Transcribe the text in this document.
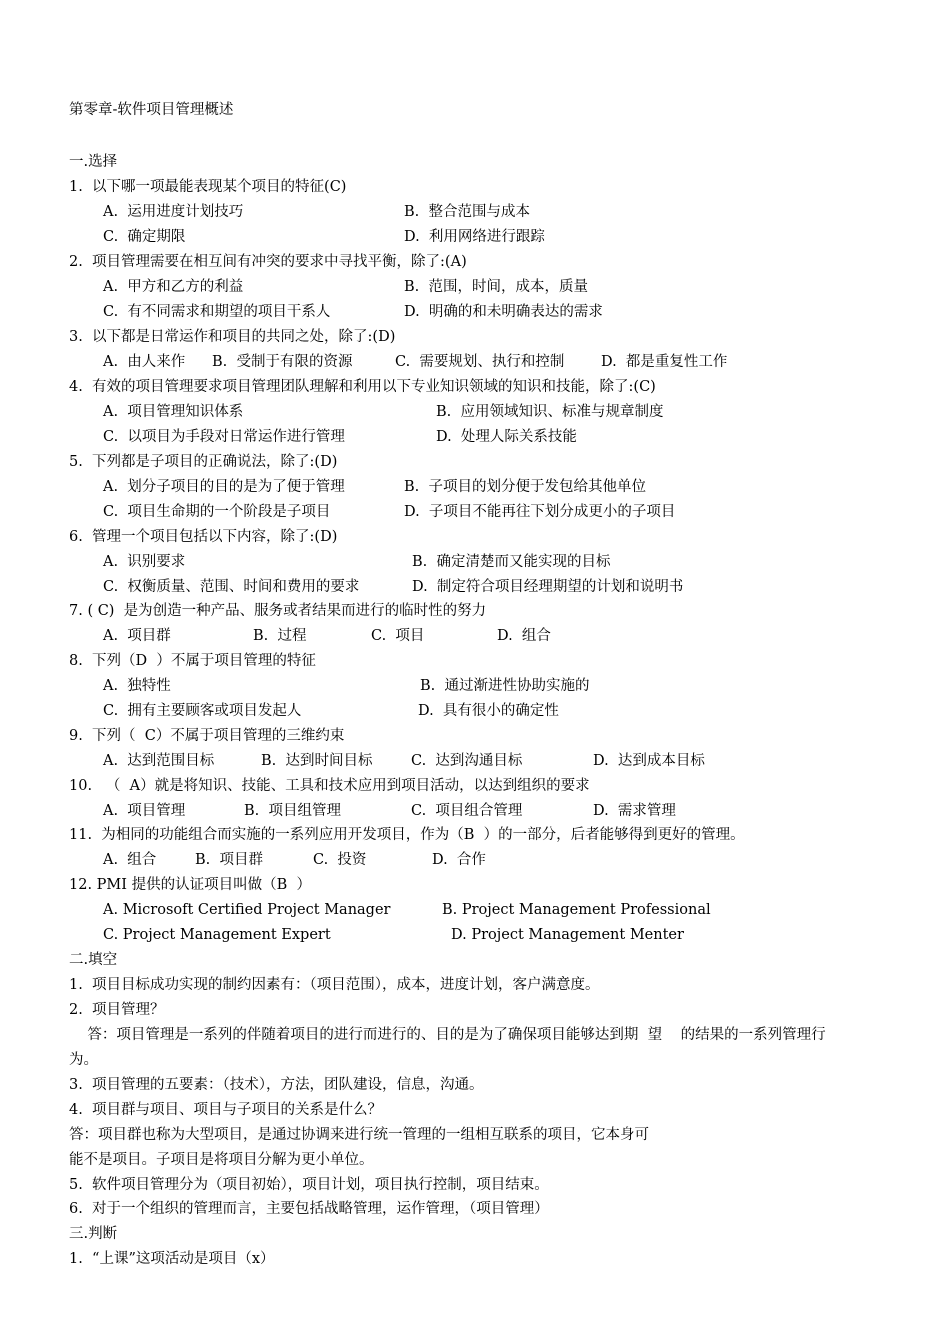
第零章-软件项目管理概述
一.选择
1.  以下哪一项最能表现某个项目的特征(C)
A.  运用进度计划技巧	B.  整合范围与成本
C.  确定期限	D.  利用网络进行跟踪
2.  项目管理需要在相互间有冲突的要求中寻找平衡，除了:(A)
A.  甲方和乙方的利益	B.  范围，时间，成本，质量
C.  有不同需求和期望的项目干系人	D.  明确的和未明确表达的需求
3.  以下都是日常运作和项目的共同之处，除了:(D)
A.  由人来作 B.  受制于有限的资源	C.  需要规划、执行和控制	D.  都是重复性工作
4.  有效的项目管理要求项目管理团队理解和利用以下专业知识领域的知识和技能，除了:(C)
A.  项目管理知识体系	B.  应用领域知识、标准与规章制度
C.  以项目为手段对日常运作进行管理	D.  处理人际关系技能
5.  下列都是子项目的正确说法，除了:(D)
A.  划分子项目的目的是为了便于管理	B.  子项目的划分便于发包给其他单位
C.  项目生命期的一个阶段是子项目	D.  子项目不能再往下划分成更小的子项目
6.  管理一个项目包括以下内容，除了:(D)
A.  识别要求	B.  确定清楚而又能实现的目标
C.  权衡质量、范围、时间和费用的要求	D.  制定符合项目经理期望的计划和说明书
7. ( C)  是为创造一种产品、服务或者结果而进行的临时性的努力
A.  项目群	B.  过程	C.  项目	D.  组合
8.  下列（D  ）不属于项目管理的特征
A.  独特性	B.  通过渐进性协助实施的
C.  拥有主要顾客或项目发起人	D.  具有很小的确定性
9.  下列（  C）不属于项目管理的三维约束
A.  达到范围目标	B.  达到时间目标	C.  达到沟通目标	D.  达到成本目标
10.   （  A）就是将知识、技能、工具和技术应用到项目活动，以达到组织的要求
A.  项目管理	B.  项目组管理	C.  项目组合管理	D.  需求管理
11.  为相同的功能组合而实施的一系列应用开发项目，作为（B  ）的一部分，后者能够得到更好的管理。
A.  组合	B.  项目群	C.  投资	D.  合作
12. PMI 提供的认证项目叫做（B  ）
A. Microsoft Certified Project Manager	B. Project Management Professional
C. Project Management Expert	D. Project Management Menter
二.填空
1.  项目目标成功实现的制约因素有：（项目范围），成本，进度计划，客户满意度。
2.  项目管理？
答：项目管理是一系列的伴随着项目的进行而进行的、目的是为了确保项目能够达到期  望    的结果的一系列管理行
为。
3.  项目管理的五要素：（技术），方法，团队建设，信息，沟通。
4.  项目群与项目、项目与子项目的关系是什么？
答：项目群也称为大型项目，是通过协调来进行统一管理的一组相互联系的项目，它本身可
能不是项目。子项目是将项目分解为更小单位。
5.  软件项目管理分为（项目初始），项目计划，项目执行控制，项目结束。
6.  对于一个组织的管理而言，主要包括战略管理，运作管理，（项目管理）
三.判断
1.  “上课”这项活动是项目（x）
